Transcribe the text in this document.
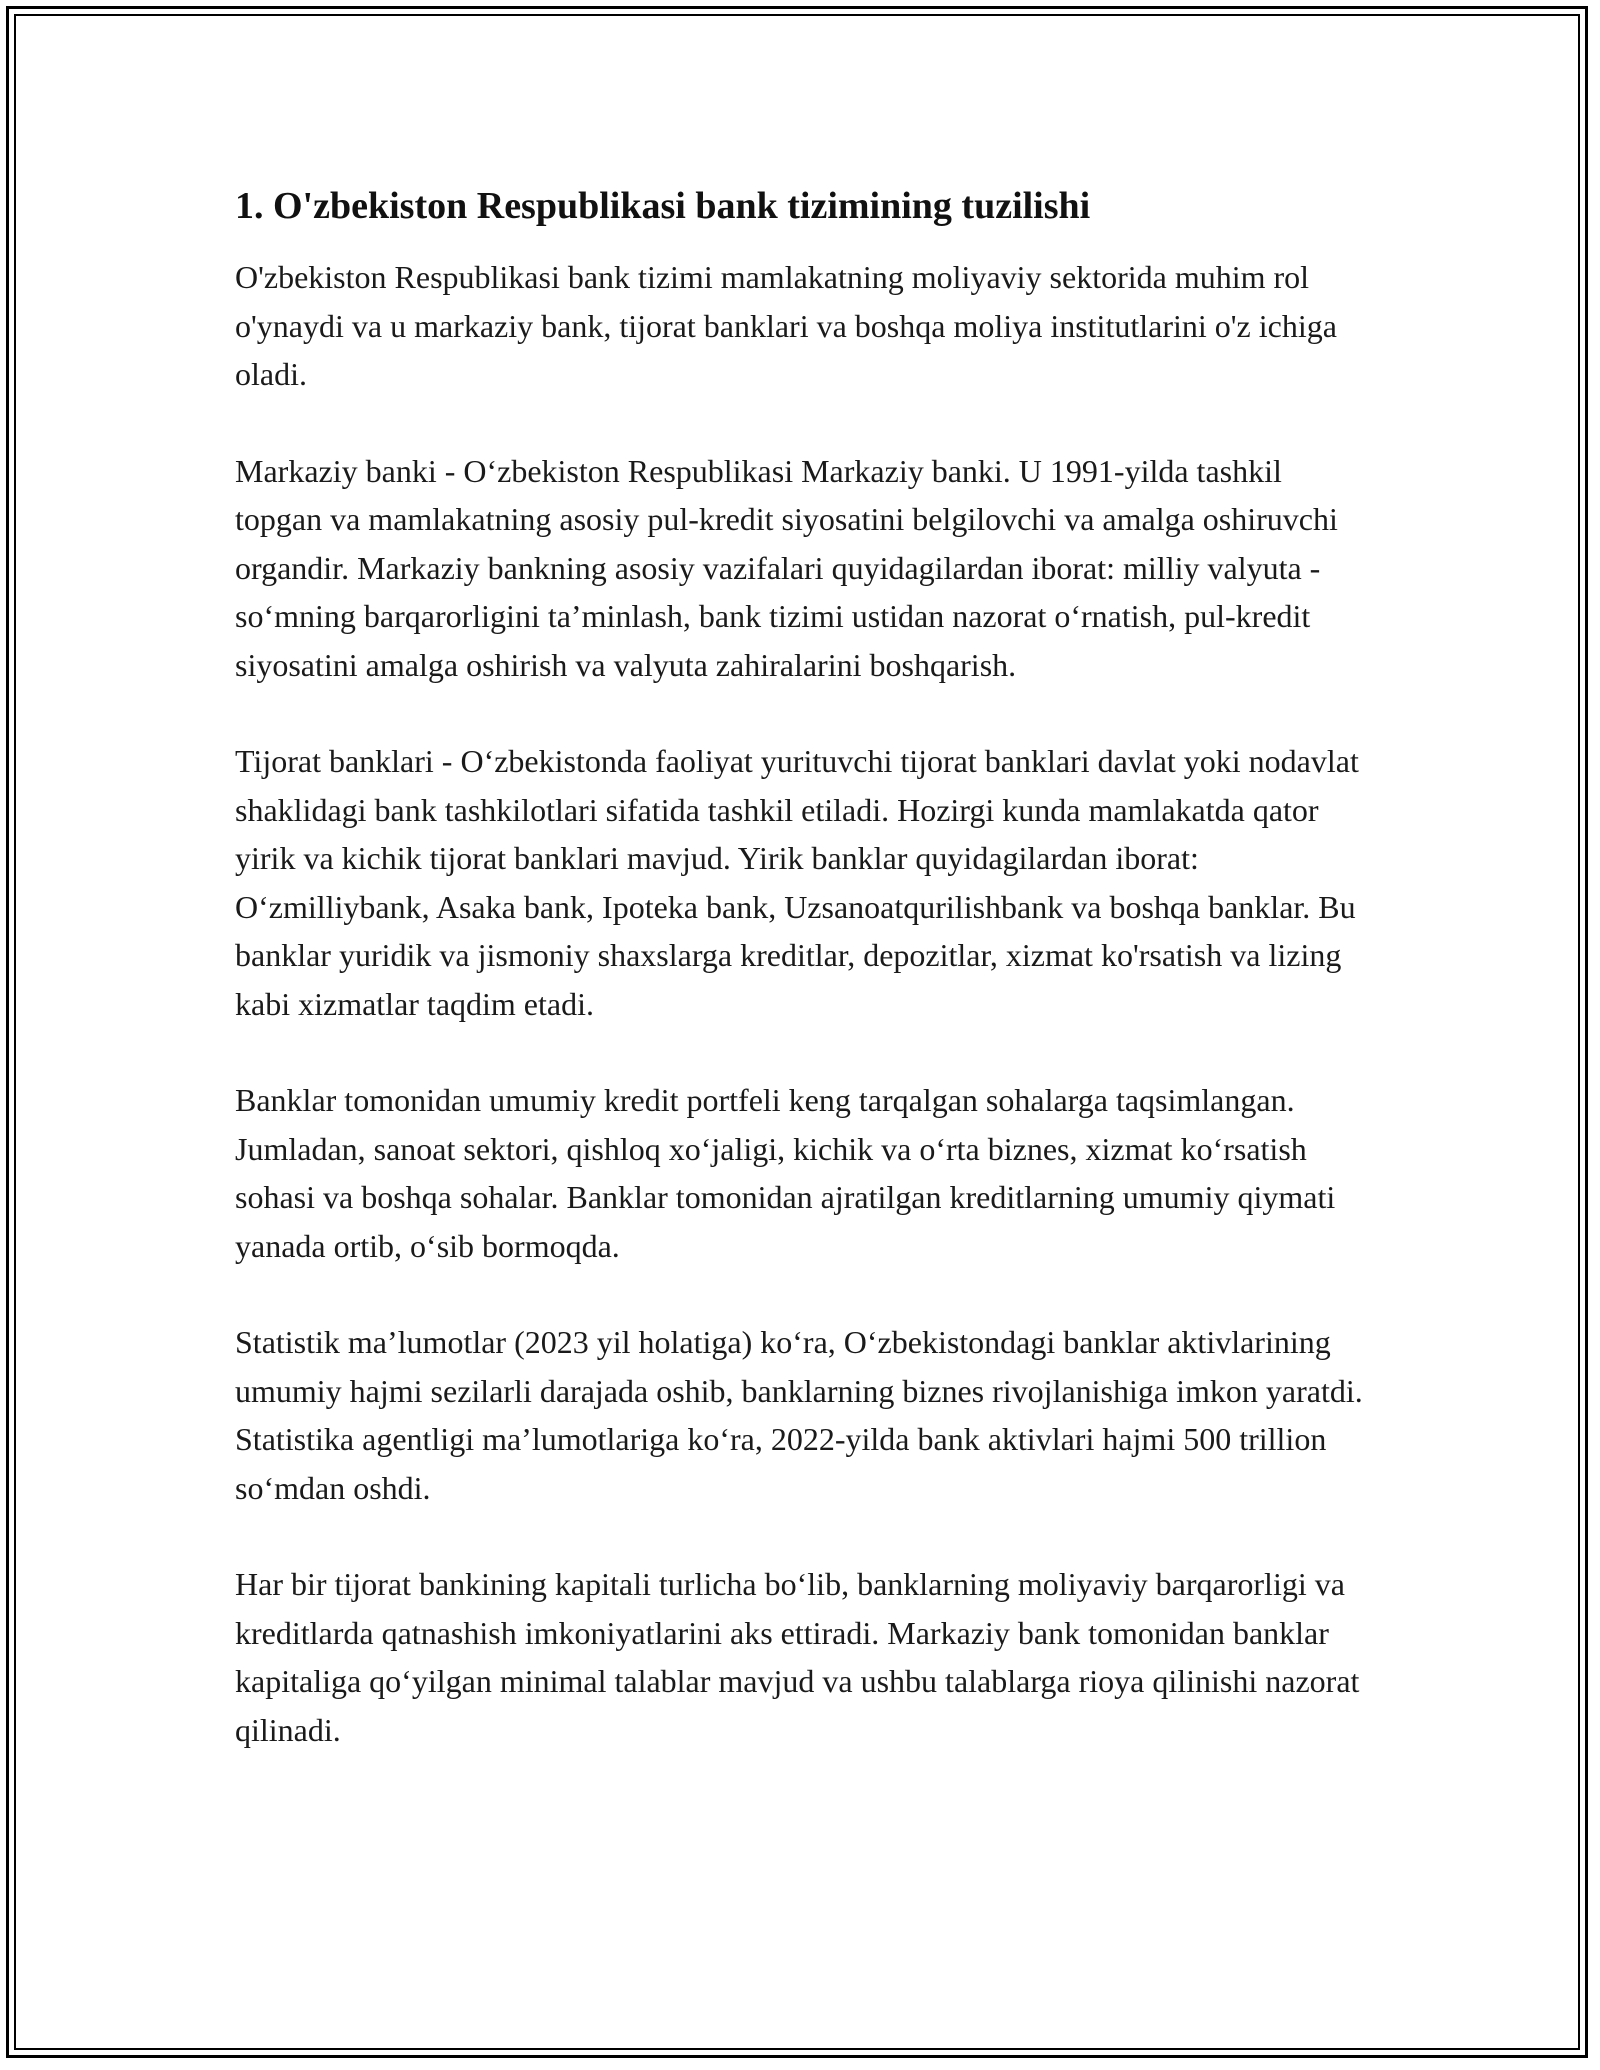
1. O'zbekiston Respublikasi bank tizimining tuzilishi

O'zbekiston Respublikasi bank tizimi mamlakatning moliyaviy sektorida muhim rol o'ynaydi va u markaziy bank, tijorat banklari va boshqa moliya institutlarini o'z ichiga oladi.

Markaziy banki - O‘zbekiston Respublikasi Markaziy banki. U 1991-yilda tashkil topgan va mamlakatning asosiy pul-kredit siyosatini belgilovchi va amalga oshiruvchi organdir. Markaziy bankning asosiy vazifalari quyidagilardan iborat: milliy valyuta - so‘mning barqarorligini ta’minlash, bank tizimi ustidan nazorat o‘rnatish, pul-kredit siyosatini amalga oshirish va valyuta zahiralarini boshqarish.

Tijorat banklari - O‘zbekistonda faoliyat yurituvchi tijorat banklari davlat yoki nodavlat shaklidagi bank tashkilotlari sifatida tashkil etiladi. Hozirgi kunda mamlakatda qator yirik va kichik tijorat banklari mavjud. Yirik banklar quyidagilardan iborat: O‘zmilliybank, Asaka bank, Ipoteka bank, Uzsanoatqurilishbank va boshqa banklar. Bu banklar yuridik va jismoniy shaxslarga kreditlar, depozitlar, xizmat ko'rsatish va lizing kabi xizmatlar taqdim etadi.

Banklar tomonidan umumiy kredit portfeli keng tarqalgan sohalarga taqsimlangan. Jumladan, sanoat sektori, qishloq xo‘jaligi, kichik va o‘rta biznes, xizmat ko‘rsatish sohasi va boshqa sohalar. Banklar tomonidan ajratilgan kreditlarning umumiy qiymati yanada ortib, o‘sib bormoqda.

Statistik ma’lumotlar (2023 yil holatiga) ko‘ra, O‘zbekistondagi banklar aktivlarining umumiy hajmi sezilarli darajada oshib, banklarning biznes rivojlanishiga imkon yaratdi. Statistika agentligi ma’lumotlariga ko‘ra, 2022-yilda bank aktivlari hajmi 500 trillion so‘mdan oshdi.

Har bir tijorat bankining kapitali turlicha bo‘lib, banklarning moliyaviy barqarorligi va kreditlarda qatnashish imkoniyatlarini aks ettiradi. Markaziy bank tomonidan banklar kapitaliga qo‘yilgan minimal talablar mavjud va ushbu talablarga rioya qilinishi nazorat qilinadi.
